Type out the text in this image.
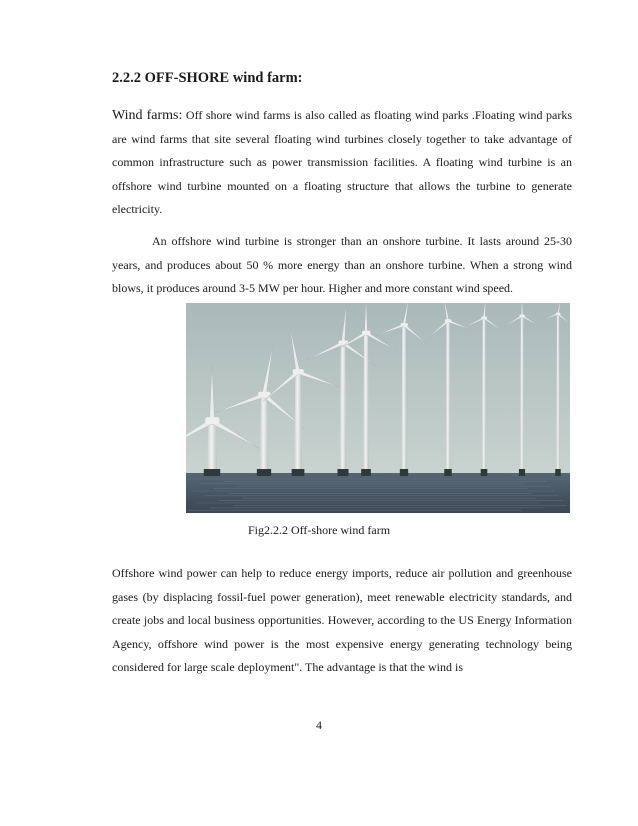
2.2.2 OFF-SHORE wind farm:

Wind farms: Off shore wind farms is also called as floating wind parks .Floating wind parks are wind farms that site several floating wind turbines closely together to take advantage of common infrastructure such as power transmission facilities. A floating wind turbine is an offshore wind turbine mounted on a floating structure that allows the turbine to generate electricity.

An offshore wind turbine is stronger than an onshore turbine. It lasts around 25-30 years, and produces about 50 % more energy than an onshore turbine. When a strong wind blows, it produces around 3-5 MW per hour. Higher and more constant wind speed.

Fig2.2.2 Off-shore wind farm

Offshore wind power can help to reduce energy imports, reduce air pollution and greenhouse gases (by displacing fossil-fuel power generation), meet renewable electricity standards, and create jobs and local business opportunities. However, according to the US Energy Information Agency, offshore wind power is the most expensive energy generating technology being considered for large scale deployment". The advantage is that the wind is

4
